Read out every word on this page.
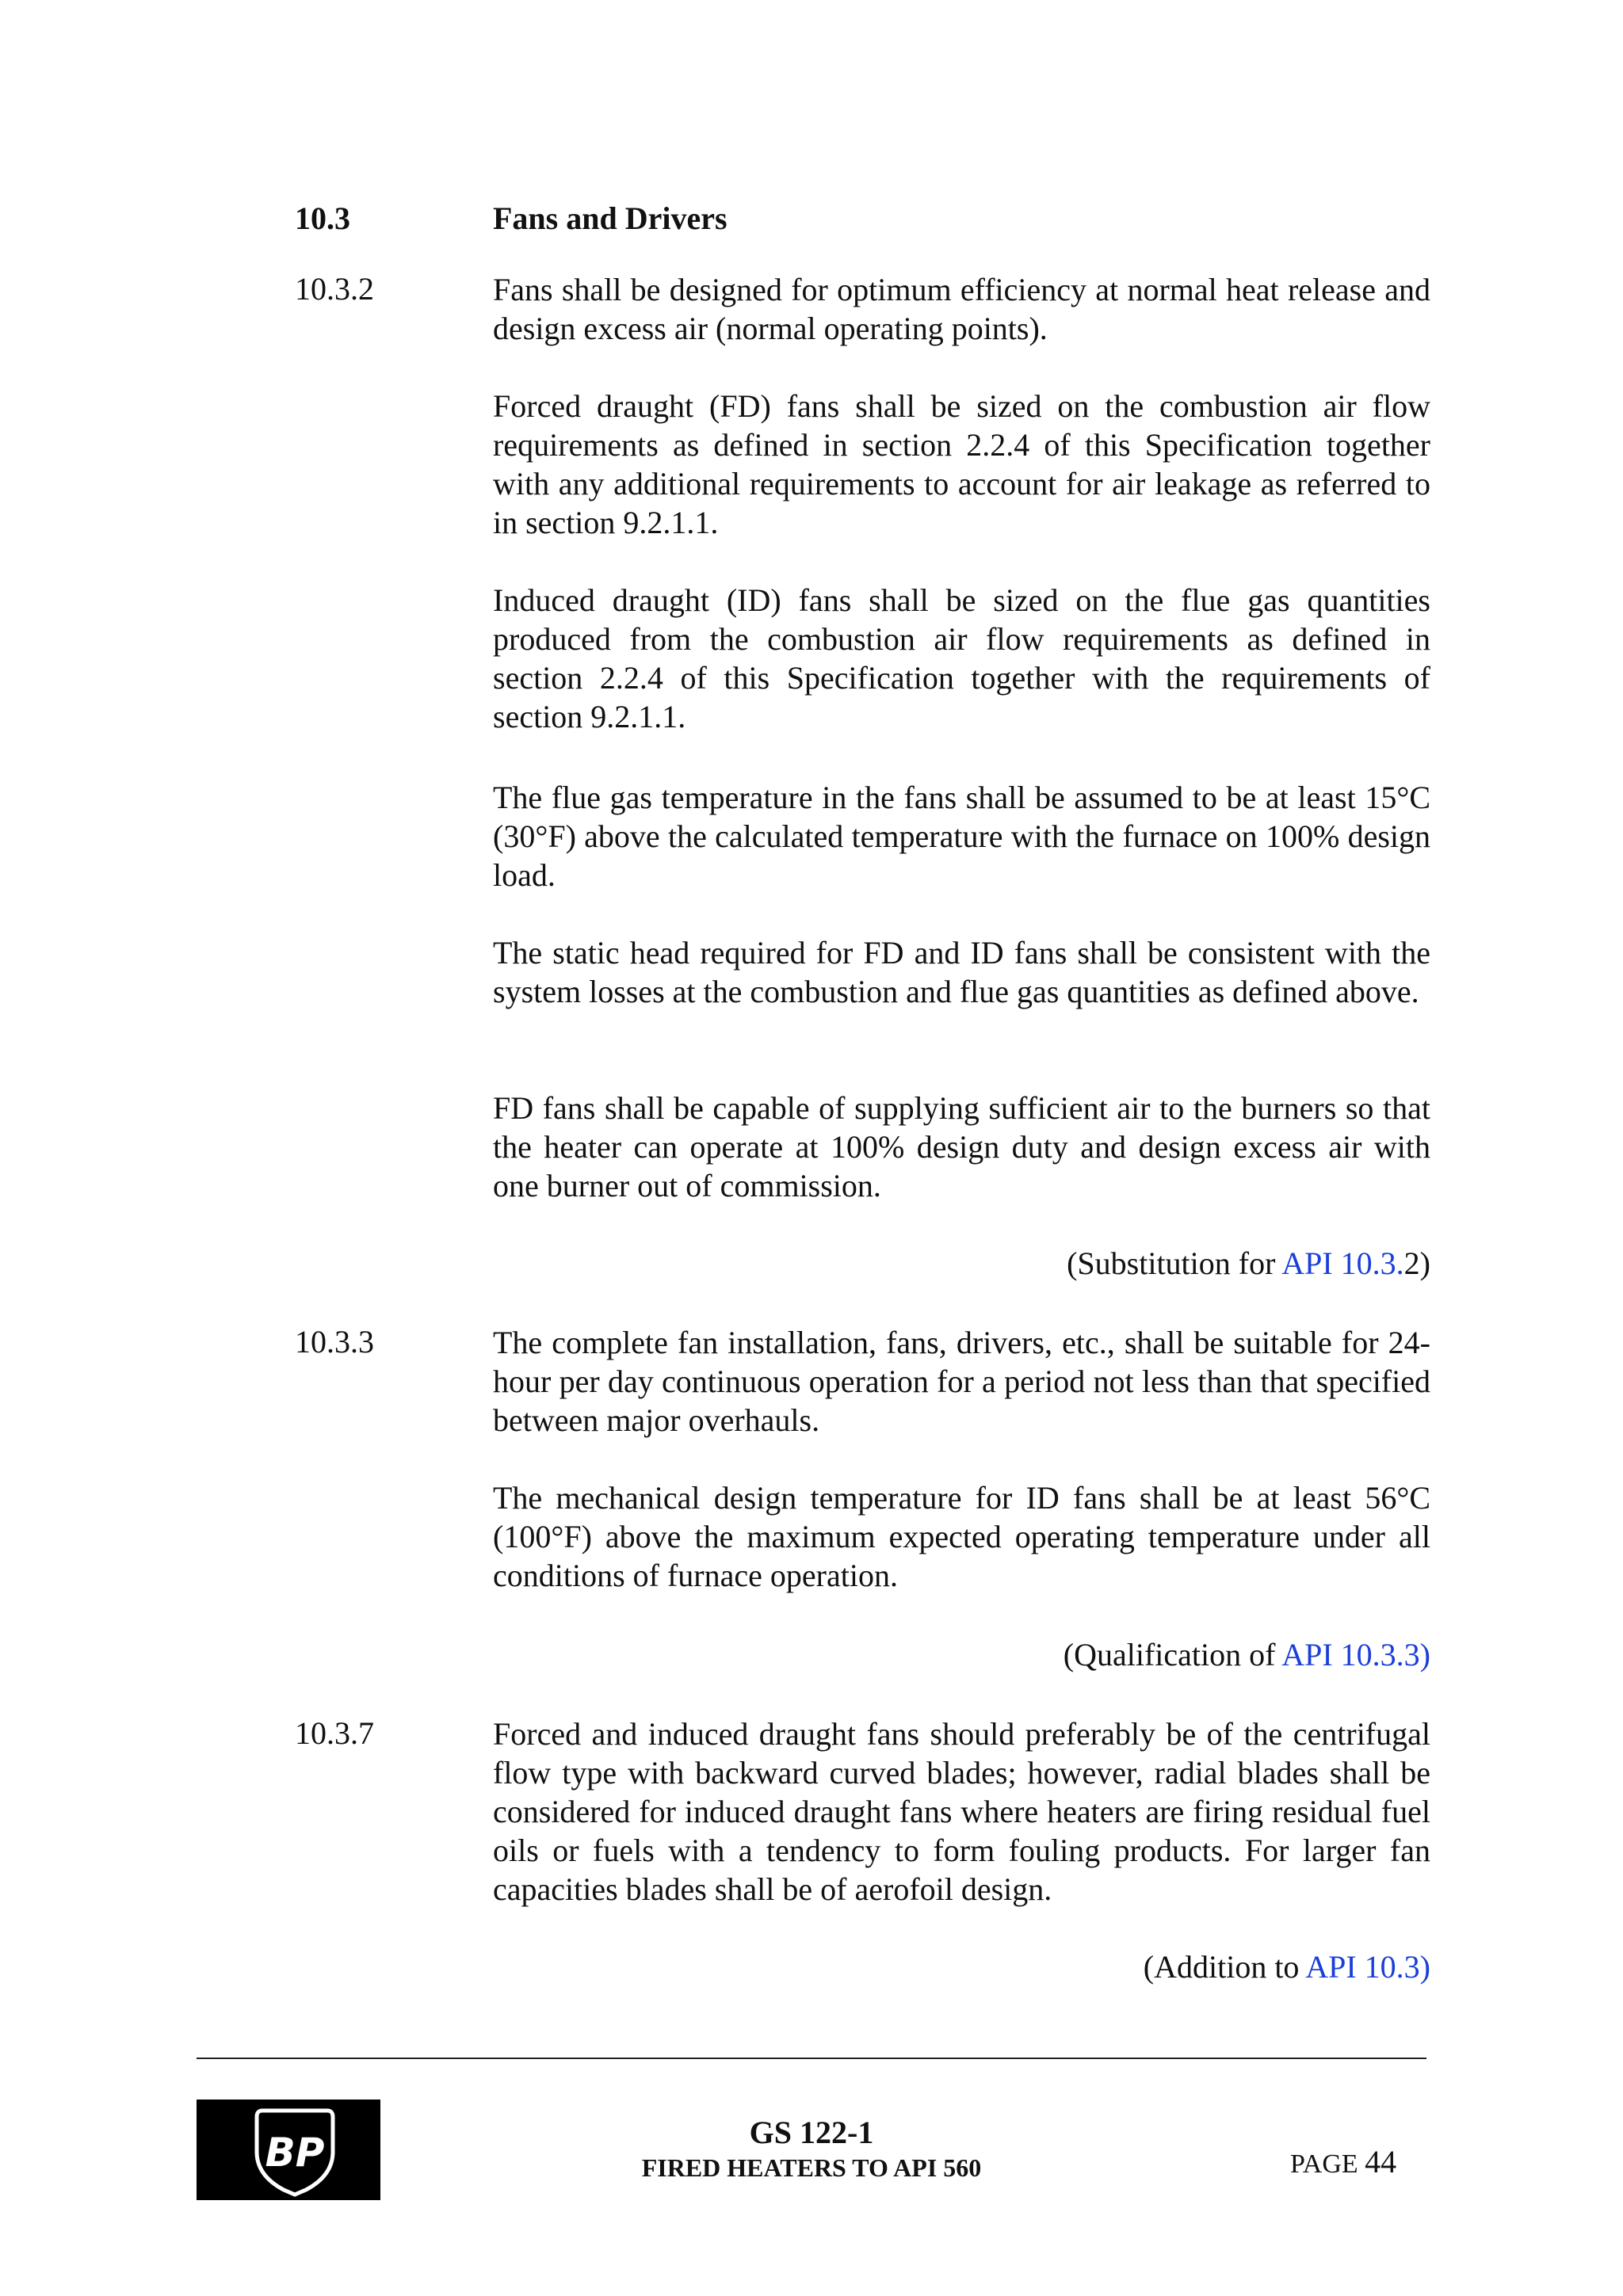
10.3	Fans and Drivers
10.3.2	Fans shall be designed for optimum efficiency at normal heat release and design excess air (normal operating points).

Forced draught (FD) fans shall be sized on the combustion air flow requirements as defined in section 2.2.4 of this Specification together with any additional requirements to account for air leakage as referred to in section 9.2.1.1.

Induced draught (ID) fans shall be sized on the flue gas quantities produced from the combustion air flow requirements as defined in section 2.2.4 of this Specification together with the requirements of section 9.2.1.1.

The flue gas temperature in the fans shall be assumed to be at least 15°C (30°F) above the calculated temperature with the furnace on 100% design load.

The static head required for FD and ID fans shall be consistent with the system losses at the combustion and flue gas quantities as defined above.

FD fans shall be capable of supplying sufficient air to the burners so that the heater can operate at 100% design duty and design excess air with one burner out of commission.

(Substitution for API 10.3.2)
10.3.3	The complete fan installation, fans, drivers, etc., shall be suitable for 24-hour per day continuous operation for a period not less than that specified between major overhauls.

The mechanical design temperature for ID fans shall be at least 56°C (100°F) above the maximum expected operating temperature under all conditions of furnace operation.

(Qualification of API 10.3.3)
10.3.7	Forced and induced draught fans should preferably be of the centrifugal flow type with backward curved blades; however, radial blades shall be considered for induced draught fans where heaters are firing residual fuel oils or fuels with a tendency to form fouling products. For larger fan capacities blades shall be of aerofoil design.

(Addition to API 10.3)
BP	GS 122-1
FIRED HEATERS TO API 560	PAGE 44
